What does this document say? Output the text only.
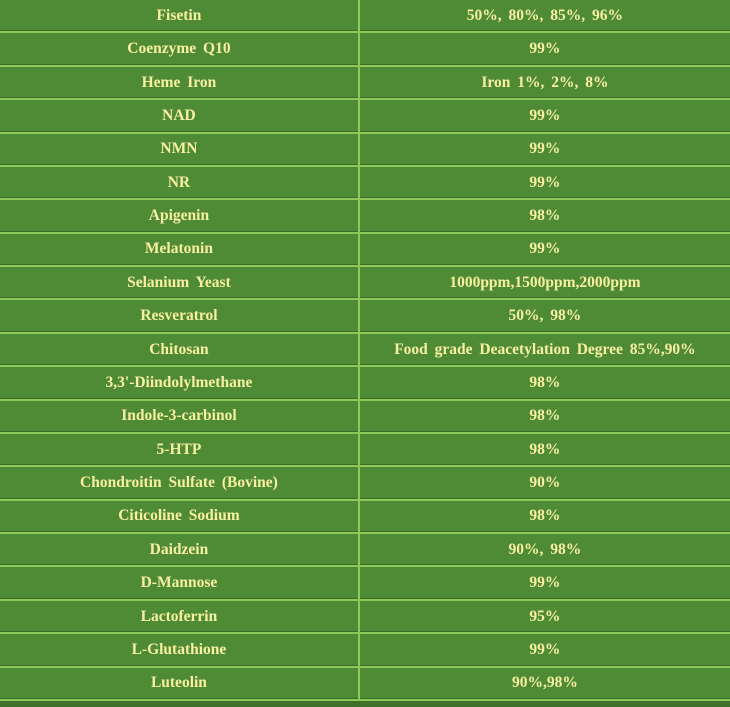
Fisetin	50%, 80%, 85%, 96%
Coenzyme Q10	99%
Heme Iron	Iron 1%, 2%, 8%
NAD	99%
NMN	99%
NR	99%
Apigenin	98%
Melatonin	99%
Selanium Yeast	1000ppm,1500ppm,2000ppm
Resveratrol	50%, 98%
Chitosan	Food grade Deacetylation Degree 85%,90%
3,3'-Diindolylmethane	98%
Indole-3-carbinol	98%
5-HTP	98%
Chondroitin Sulfate (Bovine)	90%
Citicoline Sodium	98%
Daidzein	90%, 98%
D-Mannose	99%
Lactoferrin	95%
L-Glutathione	99%
Luteolin	90%,98%
